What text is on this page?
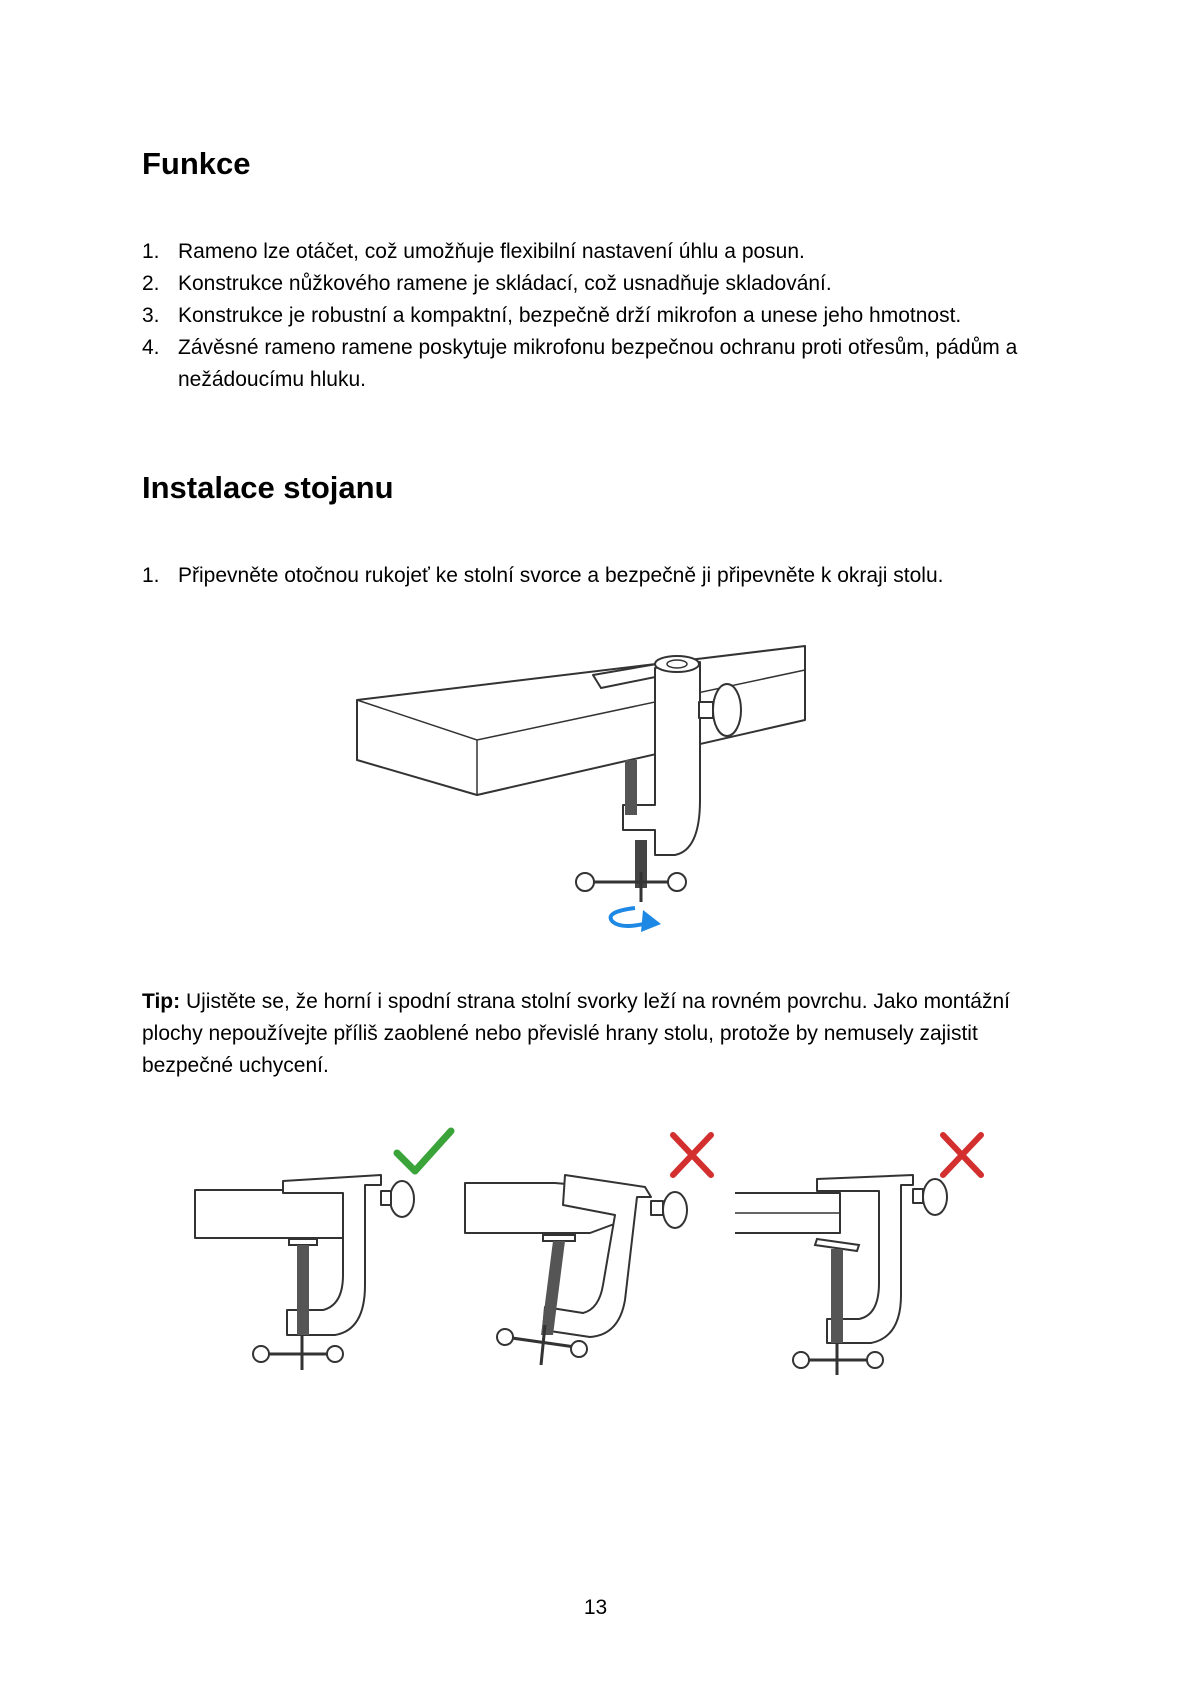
Funkce
1. Rameno lze otáčet, což umožňuje flexibilní nastavení úhlu a posun.
2. Konstrukce nůžkového ramene je skládací, což usnadňuje skladování.
3. Konstrukce je robustní a kompaktní, bezpečně drží mikrofon a unese jeho hmotnost.
4. Závěsné rameno ramene poskytuje mikrofonu bezpečnou ochranu proti otřesům, pádům a nežádoucímu hluku.
Instalace stojanu
1. Připevněte otočnou rukojeť ke stolní svorce a bezpečně ji připevněte k okraji stolu.

Tip: Ujistěte se, že horní i spodní strana stolní svorky leží na rovném povrchu. Jako montážní plochy nepoužívejte příliš zaoblené nebo převislé hrany stolu, protože by nemusely zajistit bezpečné uchycení.

13
